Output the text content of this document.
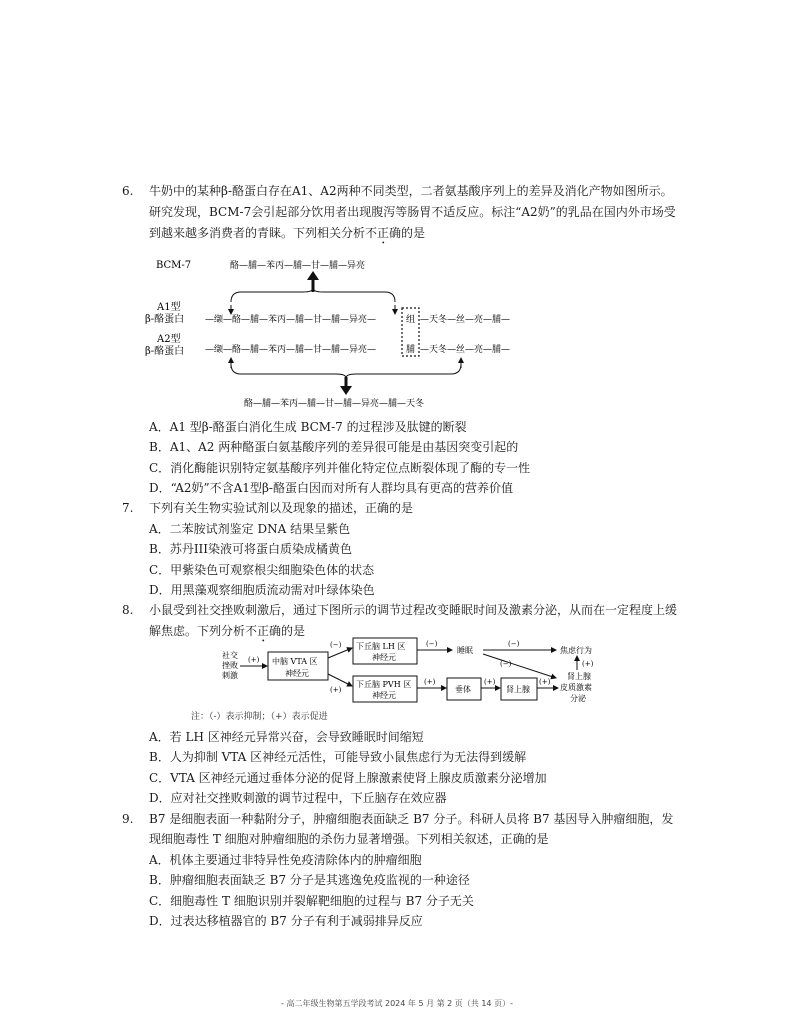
6. 牛奶中的某种β-酪蛋白存在A1、A2两种不同类型，二者氨基酸序列上的差异及消化产物如图所示。
研究发现，BCM-7会引起部分饮用者出现腹泻等肠胃不适反应。标注“A2奶”的乳品在国内外市场受
到越来越多消费者的青睐。下列相关分析不正确的是
BCM-7	酪—脯—苯丙—脯—甘—脯—异亮
A1型
β-酪蛋白 —缬—酪—脯—苯丙—脯—甘—脯—异亮—	组 —天冬—丝—亮—脯—
A2型
β-酪蛋白 —缬—酪—脯—苯丙—脯—甘—脯—异亮—	脯 —天冬—丝—亮—脯—
酪—脯—苯丙—脯—甘—脯—异亮—脯—天冬
A．A1 型β-酪蛋白消化生成 BCM-7 的过程涉及肽键的断裂
B．A1、A2 两种酪蛋白氨基酸序列的差异很可能是由基因突变引起的
C．消化酶能识别特定氨基酸序列并催化特定位点断裂体现了酶的专一性
D．“A2奶”不含A1型β-酪蛋白因而对所有人群均具有更高的营养价值
7. 下列有关生物实验试剂以及现象的描述，正确的是
A．二苯胺试剂鉴定 DNA 结果呈紫色
B．苏丹III染液可将蛋白质染成橘黄色
C．甲紫染色可观察根尖细胞染色体的状态
D．用黑藻观察细胞质流动需对叶绿体染色
8. 小鼠受到社交挫败刺激后，通过下图所示的调节过程改变睡眠时间及激素分泌，从而在一定程度上缓
解焦虑。下列分析不正确的是
社交
挫败
刺激
(+) 中脑 VTA 区
神经元
(−) 下丘脑 LH 区
神经元
(−)
睡眠
(−)
焦虑行为
(−)
(+)
下丘脑 PVH 区
神经元
(+)
垂体
(+)
肾上腺
(+)
肾上腺
皮质激素
分泌
(+)
注：（-）表示抑制；（+）表示促进
A．若 LH 区神经元异常兴奋，会导致睡眠时间缩短
B．人为抑制 VTA 区神经元活性，可能导致小鼠焦虑行为无法得到缓解
C．VTA 区神经元通过垂体分泌的促肾上腺激素使肾上腺皮质激素分泌增加
D．应对社交挫败刺激的调节过程中，下丘脑存在效应器
9. B7 是细胞表面一种黏附分子，肿瘤细胞表面缺乏 B7 分子。科研人员将 B7 基因导入肿瘤细胞，发
现细胞毒性 T 细胞对肿瘤细胞的杀伤力显著增强。下列相关叙述，正确的是
A．机体主要通过非特异性免疫清除体内的肿瘤细胞
B．肿瘤细胞表面缺乏 B7 分子是其逃逸免疫监视的一种途径
C．细胞毒性 T 细胞识别并裂解靶细胞的过程与 B7 分子无关
D．过表达移植器官的 B7 分子有利于减弱排异反应
- 高二年级生物第五学段考试 2024 年 5 月 第 2 页（共 14 页）-
